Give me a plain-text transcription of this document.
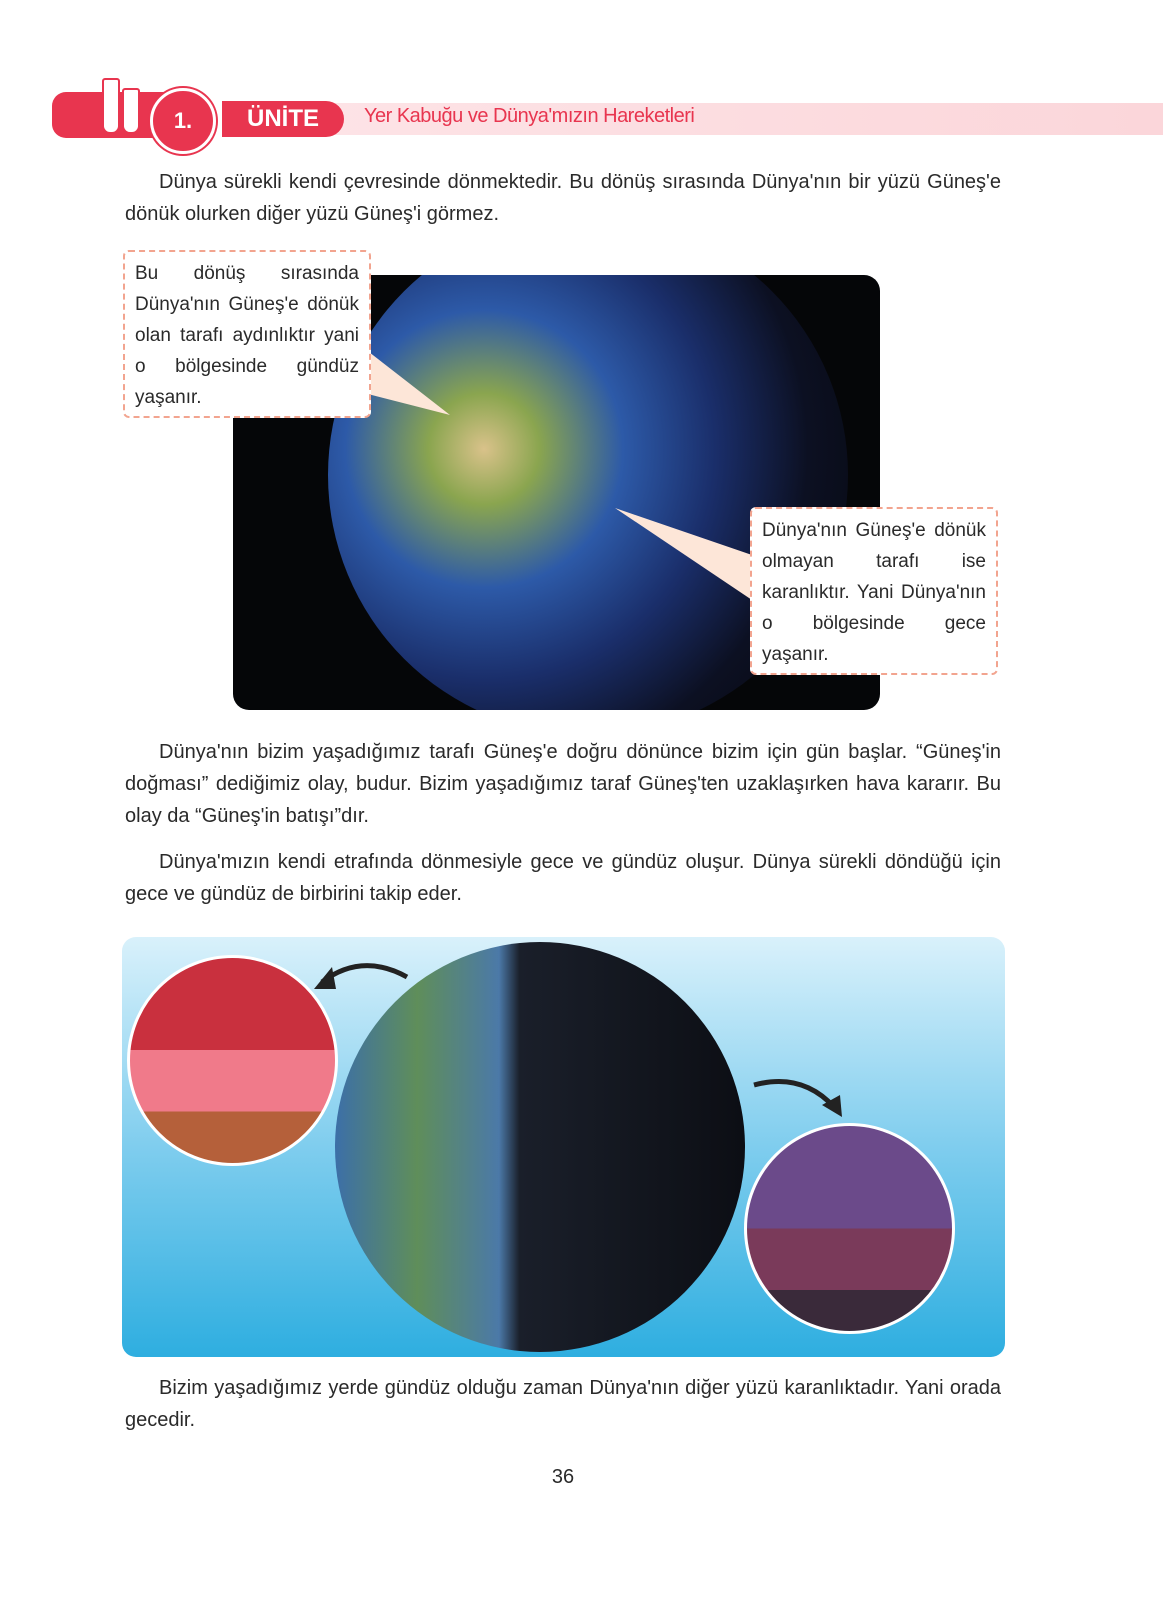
1.	ÜNİTE	Yer Kabuğu ve Dünya'mızın Hareketleri
Dünya sürekli kendi çevresinde dönmektedir. Bu dönüş sırasında Dünya'nın bir yüzü Güneş'e dönük olurken diğer yüzü Güneş'i görmez.
Bu dönüş sırasında Dünya'nın Güneş'e dönük olan tarafı aydınlıktır yani o bölgesinde gündüz yaşanır.
Dünya'nın Güneş'e dönük olmayan tarafı ise karanlıktır. Yani Dünya'nın o bölgesinde gece yaşanır.
Dünya'nın bizim yaşadığımız tarafı Güneş'e doğru dönünce bizim için gün başlar. “Güneş'in doğması” dediğimiz olay, budur. Bizim yaşadığımız taraf Güneş'ten uzaklaşırken hava kararır. Bu olay da “Güneş'in batışı”dır.
Dünya'mızın kendi etrafında dönmesiyle gece ve gündüz oluşur. Dünya sürekli döndüğü için gece ve gündüz de birbirini takip eder.
Bizim yaşadığımız yerde gündüz olduğu zaman Dünya'nın diğer yüzü karanlıktadır. Yani orada gecedir.
36
